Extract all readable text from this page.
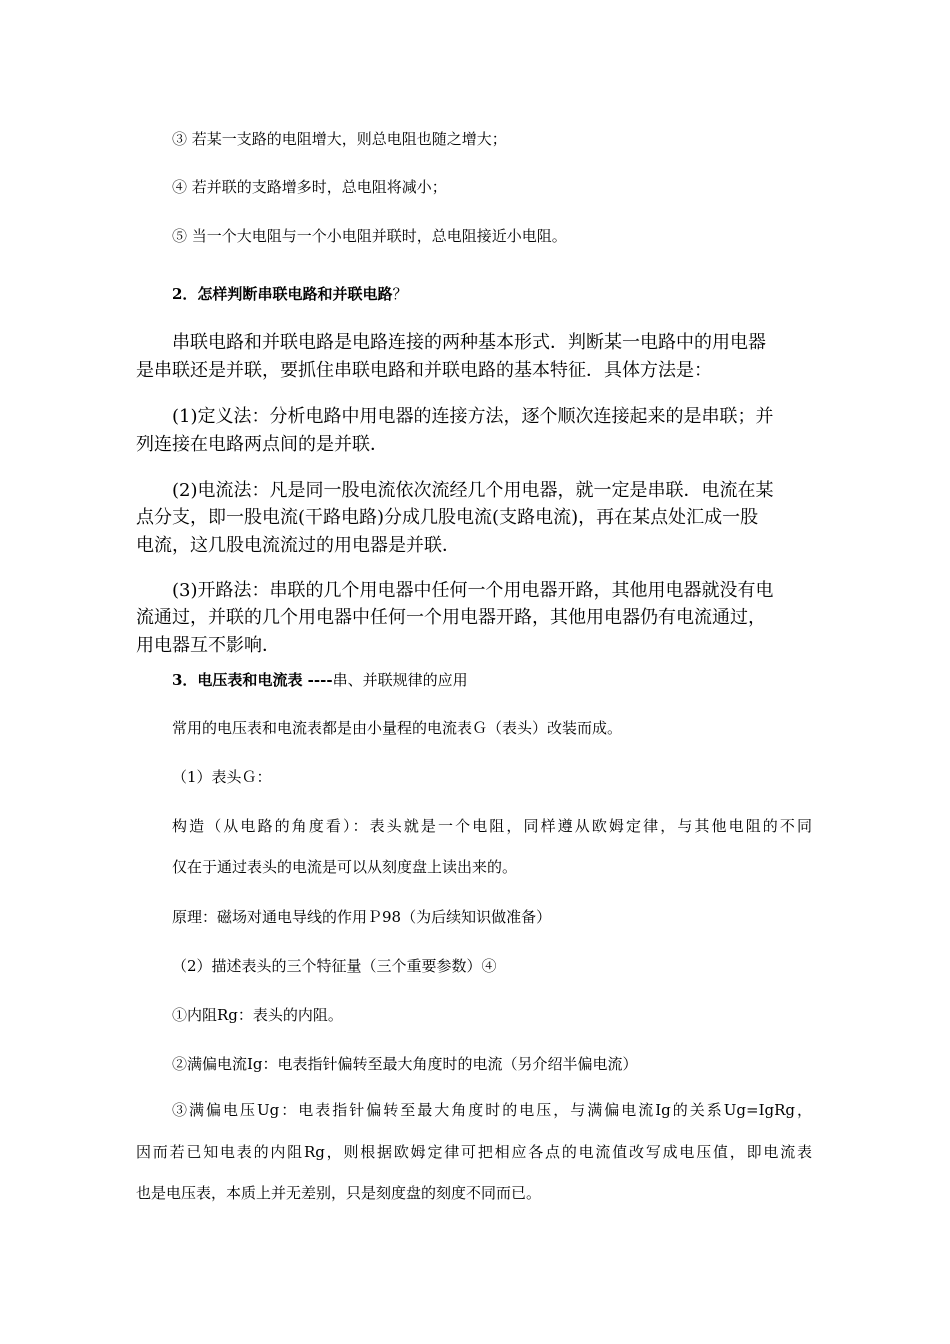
③ 若某一支路的电阻增大，则总电阻也随之增大；
④ 若并联的支路增多时，总电阻将减小；
⑤ 当一个大电阻与一个小电阻并联时，总电阻接近小电阻。
2．怎样判断串联电路和并联电路？
串联电路和并联电路是电路连接的两种基本形式．判断某一电路中的用电器
是串联还是并联，要抓住串联电路和并联电路的基本特征．具体方法是：
(1)定义法：分析电路中用电器的连接方法，逐个顺次连接起来的是串联；并
列连接在电路两点间的是并联．
(2)电流法：凡是同一股电流依次流经几个用电器，就一定是串联．电流在某
点分支，即一股电流(干路电路)分成几股电流(支路电流)，再在某点处汇成一股
电流，这几股电流流过的用电器是并联．
(3)开路法：串联的几个用电器中任何一个用电器开路，其他用电器就没有电
流通过，并联的几个用电器中任何一个用电器开路，其他用电器仍有电流通过，
用电器互不影响．
3．电压表和电流表 ----串、并联规律的应用
常用的电压表和电流表都是由小量程的电流表Ｇ（表头）改装而成。
（1）表头Ｇ：
构造（从电路的角度看）：表头就是一个电阻，同样遵从欧姆定律，与其他电阻的不同
仅在于通过表头的电流是可以从刻度盘上读出来的。
原理：磁场对通电导线的作用Ｐ98（为后续知识做准备）
（2）描述表头的三个特征量（三个重要参数）④
①内阻Rg：表头的内阻。
②满偏电流Ig：电表指针偏转至最大角度时的电流（另介绍半偏电流）
③满偏电压Ug：电表指针偏转至最大角度时的电压，与满偏电流Ig的关系Ug=IgRg，
因而若已知电表的内阻Rg，则根据欧姆定律可把相应各点的电流值改写成电压值，即电流表
也是电压表，本质上并无差别，只是刻度盘的刻度不同而已。
